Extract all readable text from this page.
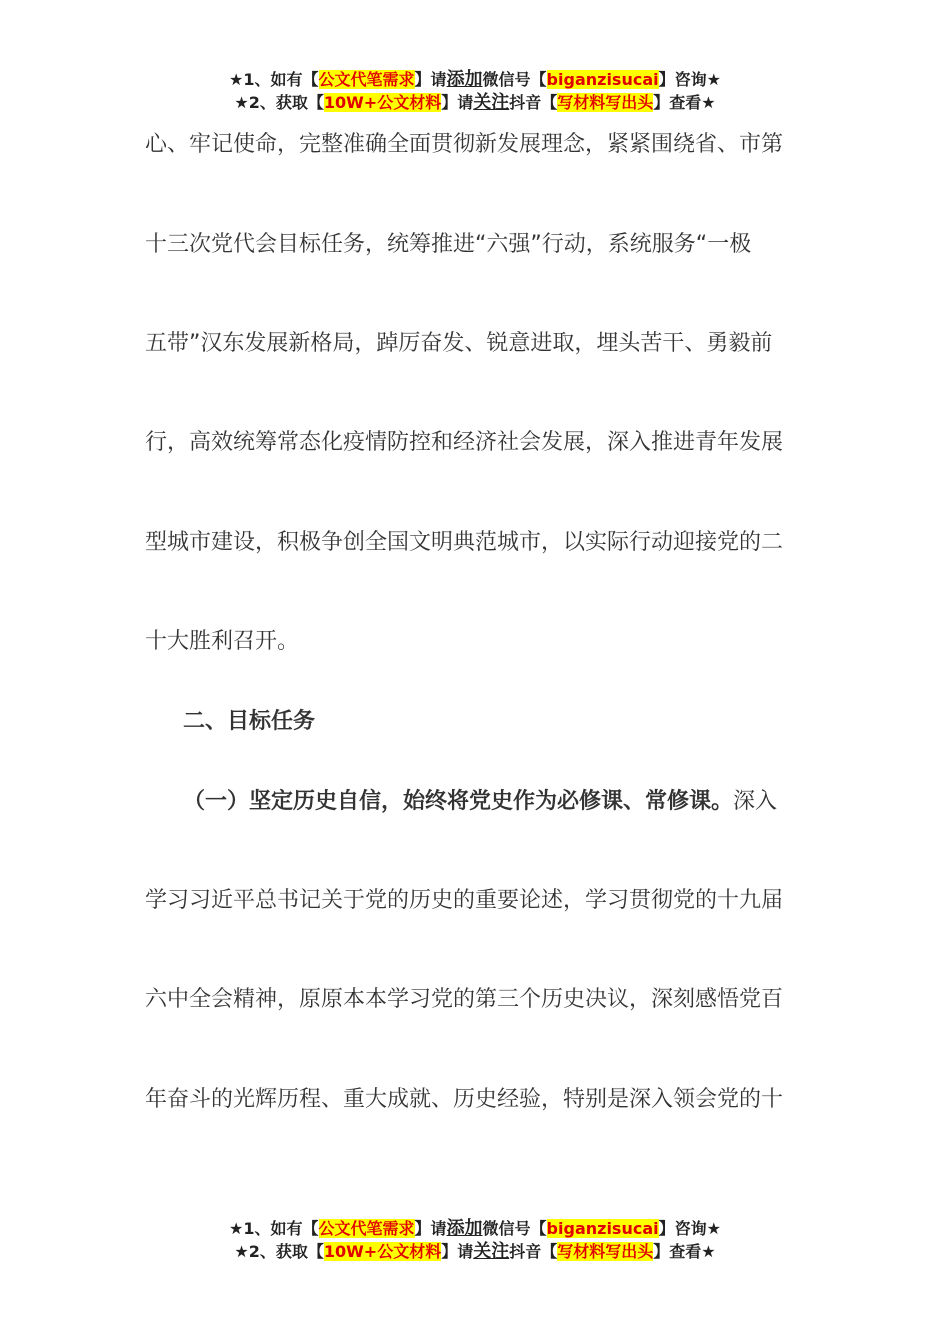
★1、如有【公文代笔需求】请添加微信号【biganzisucai】咨询★
★2、获取【10W+公文材料】请关注抖音【写材料写出头】查看★
心、牢记使命，完整准确全面贯彻新发展理念，紧紧围绕省、市第
十三次党代会目标任务，统筹推进“六强”行动，系统服务“一极
五带”汉东发展新格局，踔厉奋发、锐意进取，埋头苦干、勇毅前
行，高效统筹常态化疫情防控和经济社会发展，深入推进青年发展
型城市建设，积极争创全国文明典范城市，以实际行动迎接党的二
十大胜利召开。
二、目标任务
（一）坚定历史自信，始终将党史作为必修课、常修课。深入
学习习近平总书记关于党的历史的重要论述，学习贯彻党的十九届
六中全会精神，原原本本学习党的第三个历史决议，深刻感悟党百
年奋斗的光辉历程、重大成就、历史经验，特别是深入领会党的十
★1、如有【公文代笔需求】请添加微信号【biganzisucai】咨询★
★2、获取【10W+公文材料】请关注抖音【写材料写出头】查看★
